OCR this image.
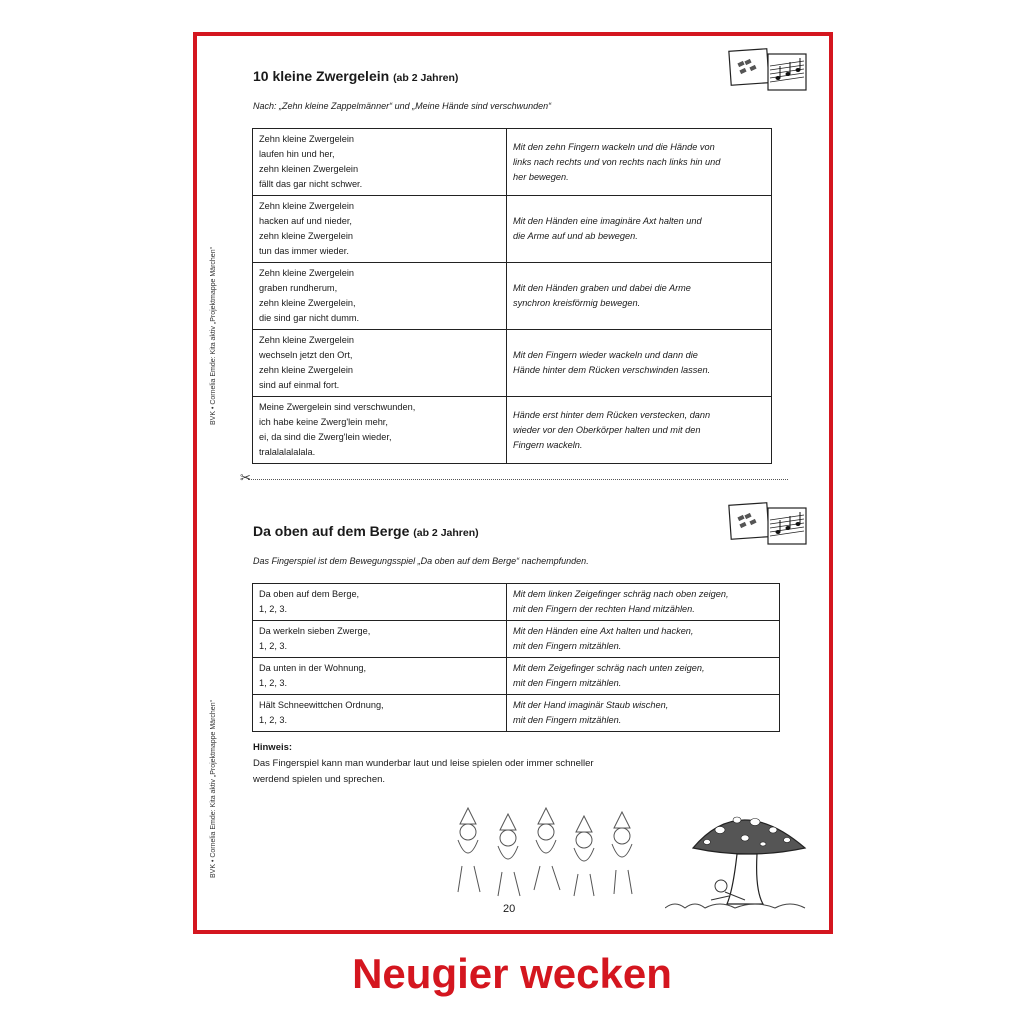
BVK • Cornelia Emde: Kita aktiv „Projektmappe Märchen“
BVK • Cornelia Emde: Kita aktiv „Projektmappe Märchen“
10 kleine Zwergelein (ab 2 Jahren)
Nach: „Zehn kleine Zappelmänner“ und „Meine Hände sind verschwunden“
Zehn kleine Zwergelein
laufen hin und her,
zehn kleinen Zwergelein
fällt das gar nicht schwer.	Mit den zehn Fingern wackeln und die Hände von
links nach rechts und von rechts nach links hin und
her bewegen.

Zehn kleine Zwergelein
hacken auf und nieder,
zehn kleine Zwergelein
tun das immer wieder.	Mit den Händen eine imaginäre Axt halten und
die Arme auf und ab bewegen.

Zehn kleine Zwergelein
graben rundherum,
zehn kleine Zwergelein,
die sind gar nicht dumm.	Mit den Händen graben und dabei die Arme
synchron kreisförmig bewegen.

Zehn kleine Zwergelein
wechseln jetzt den Ort,
zehn kleine Zwergelein
sind auf einmal fort.	Mit den Fingern wieder wackeln und dann die
Hände hinter dem Rücken verschwinden lassen.

Meine Zwergelein sind verschwunden,
ich habe keine Zwerg'lein mehr,
ei, da sind die Zwerg'lein wieder,
tralalalalalala.	Hände erst hinter dem Rücken verstecken, dann
wieder vor den Oberkörper halten und mit den
Fingern wackeln.
✂
Da oben auf dem Berge (ab 2 Jahren)
Das Fingerspiel ist dem Bewegungsspiel „Da oben auf dem Berge“ nachempfunden.
Da oben auf dem Berge,
1, 2, 3.	Mit dem linken Zeigefinger schräg nach oben zeigen,
mit den Fingern der rechten Hand mitzählen.

Da werkeln sieben Zwerge,
1, 2, 3.	Mit den Händen eine Axt halten und hacken,
mit den Fingern mitzählen.

Da unten in der Wohnung,
1, 2, 3.	Mit dem Zeigefinger schräg nach unten zeigen,
mit den Fingern mitzählen.

Hält Schneewittchen Ordnung,
1, 2, 3.	Mit der Hand imaginär Staub wischen,
mit den Fingern mitzählen.
Hinweis:
Das Fingerspiel kann man wunderbar laut und leise spielen oder immer schneller
werdend spielen und sprechen.
20
Neugier wecken
